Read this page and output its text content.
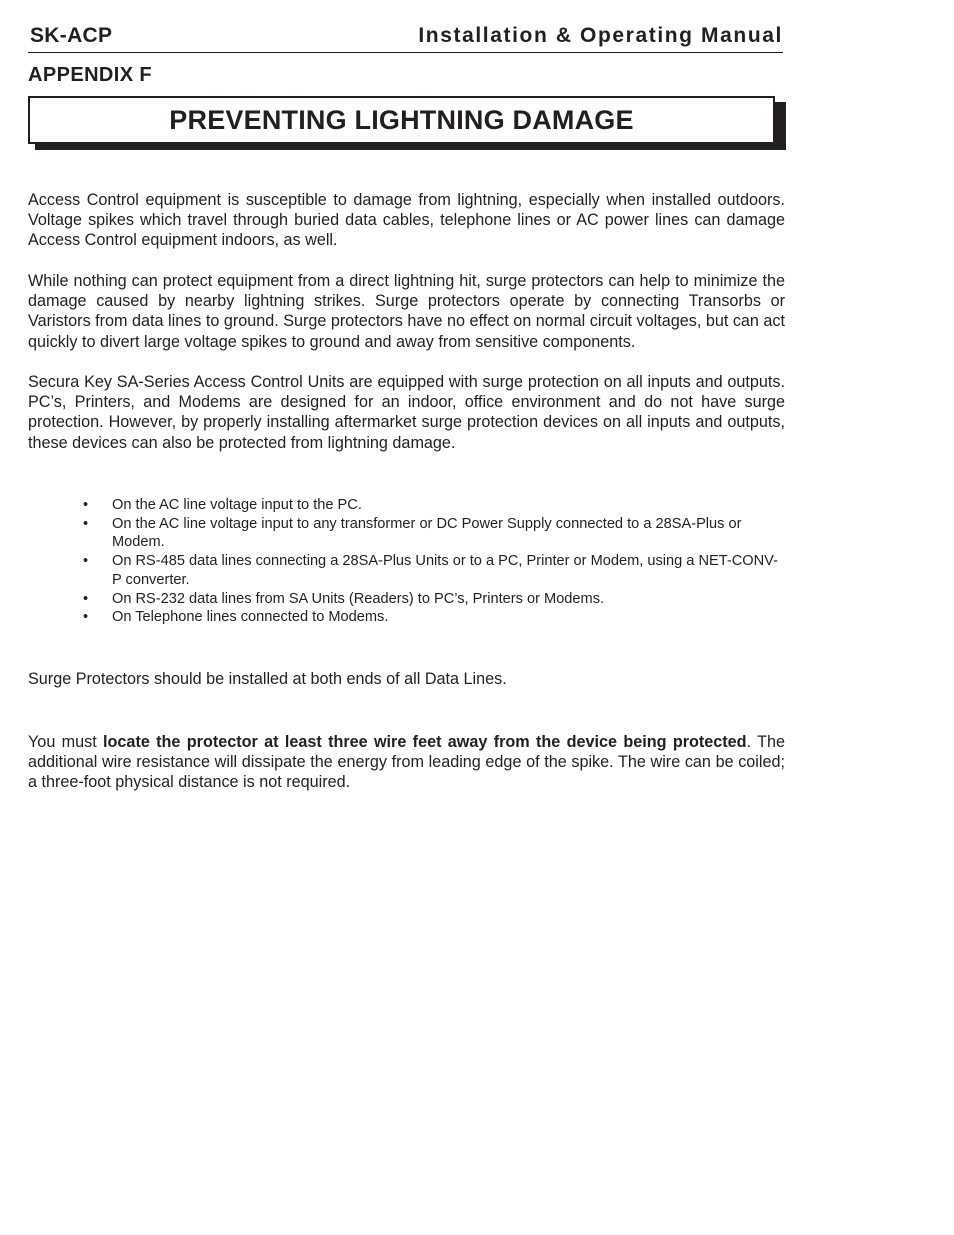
SK-ACP	Installation & Operating Manual
APPENDIX F
PREVENTING LIGHTNING DAMAGE

Access Control equipment is susceptible to damage from lightning, especially when installed outdoors. Voltage spikes which travel through buried data cables, telephone lines or AC power lines can damage Access Control equipment indoors, as well.

While nothing can protect equipment from a direct lightning hit, surge protectors can help to minimize the damage caused by nearby lightning strikes. Surge protectors operate by connecting Transorbs or Varistors from data lines to ground. Surge protectors have no effect on normal circuit voltages, but can act quickly to divert large voltage spikes to ground and away from sensitive components.

Secura Key SA-Series Access Control Units are equipped with surge protection on all inputs and outputs. PC’s, Printers, and Modems are designed for an indoor, office environment and do not have surge protection. However, by properly installing aftermarket surge protection devices on all inputs and outputs, these devices can also be protected from lightning damage.

• On the AC line voltage input to the PC.
• On the AC line voltage input to any transformer or DC Power Supply connected to a 28SA-Plus or Modem.
• On RS-485 data lines connecting a 28SA-Plus Units or to a PC, Printer or Modem, using a NET-CONV-P converter.
• On RS-232 data lines from SA Units (Readers) to PC’s, Printers or Modems.
• On Telephone lines connected to Modems.

Surge Protectors should be installed at both ends of all Data Lines.

You must locate the protector at least three wire feet away from the device being protected. The additional wire resistance will dissipate the energy from leading edge of the spike. The wire can be coiled; a three-foot physical distance is not required.
